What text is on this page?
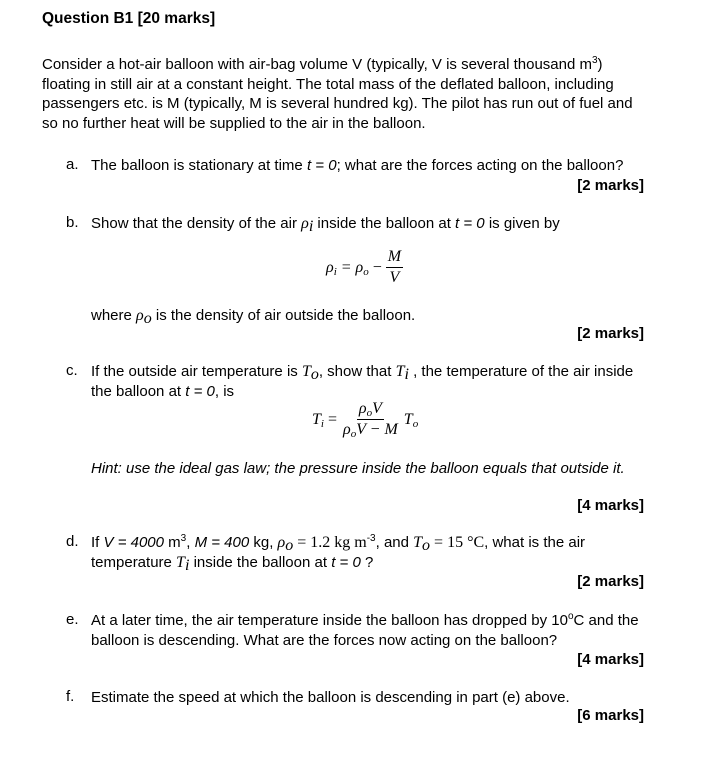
Question B1 [20 marks]
Consider a hot-air balloon with air-bag volume V (typically, V is several thousand $m^3$) floating in still air at a constant height. The total mass of the deflated balloon, including passengers etc. is M (typically, M is several hundred kg). The pilot has run out of fuel and so no further heat will be supplied to the air in the balloon.
a. The balloon is stationary at time t = 0; what are the forces acting on the balloon?
[2 marks]
b. Show that the density of the air $\rho_i$ inside the balloon at t = 0 is given by
$\rho_i = \rho_o - \frac{M}{V}$
where $\rho_o$ is the density of air outside the balloon.
[2 marks]
c. If the outside air temperature is $T_o$, show that $T_i$ , the temperature of the air inside the balloon at t = 0, is
$T_i = \frac{\rho_oV}{\rho_oV - M} T_o$
Hint: use the ideal gas law; the pressure inside the balloon equals that outside it.
[4 marks]
d. If V = 4000 $m^3$, M = 400 kg, $\rho_o = 1.2$ kg $m^{-3}$, and $T_o = 15$ °C, what is the air temperature $T_i$ inside the balloon at t = 0 ?
[2 marks]
e. At a later time, the air temperature inside the balloon has dropped by 10$^o$C and the balloon is descending. What are the forces now acting on the balloon?
[4 marks]
f. Estimate the speed at which the balloon is descending in part (e) above.
[6 marks]
